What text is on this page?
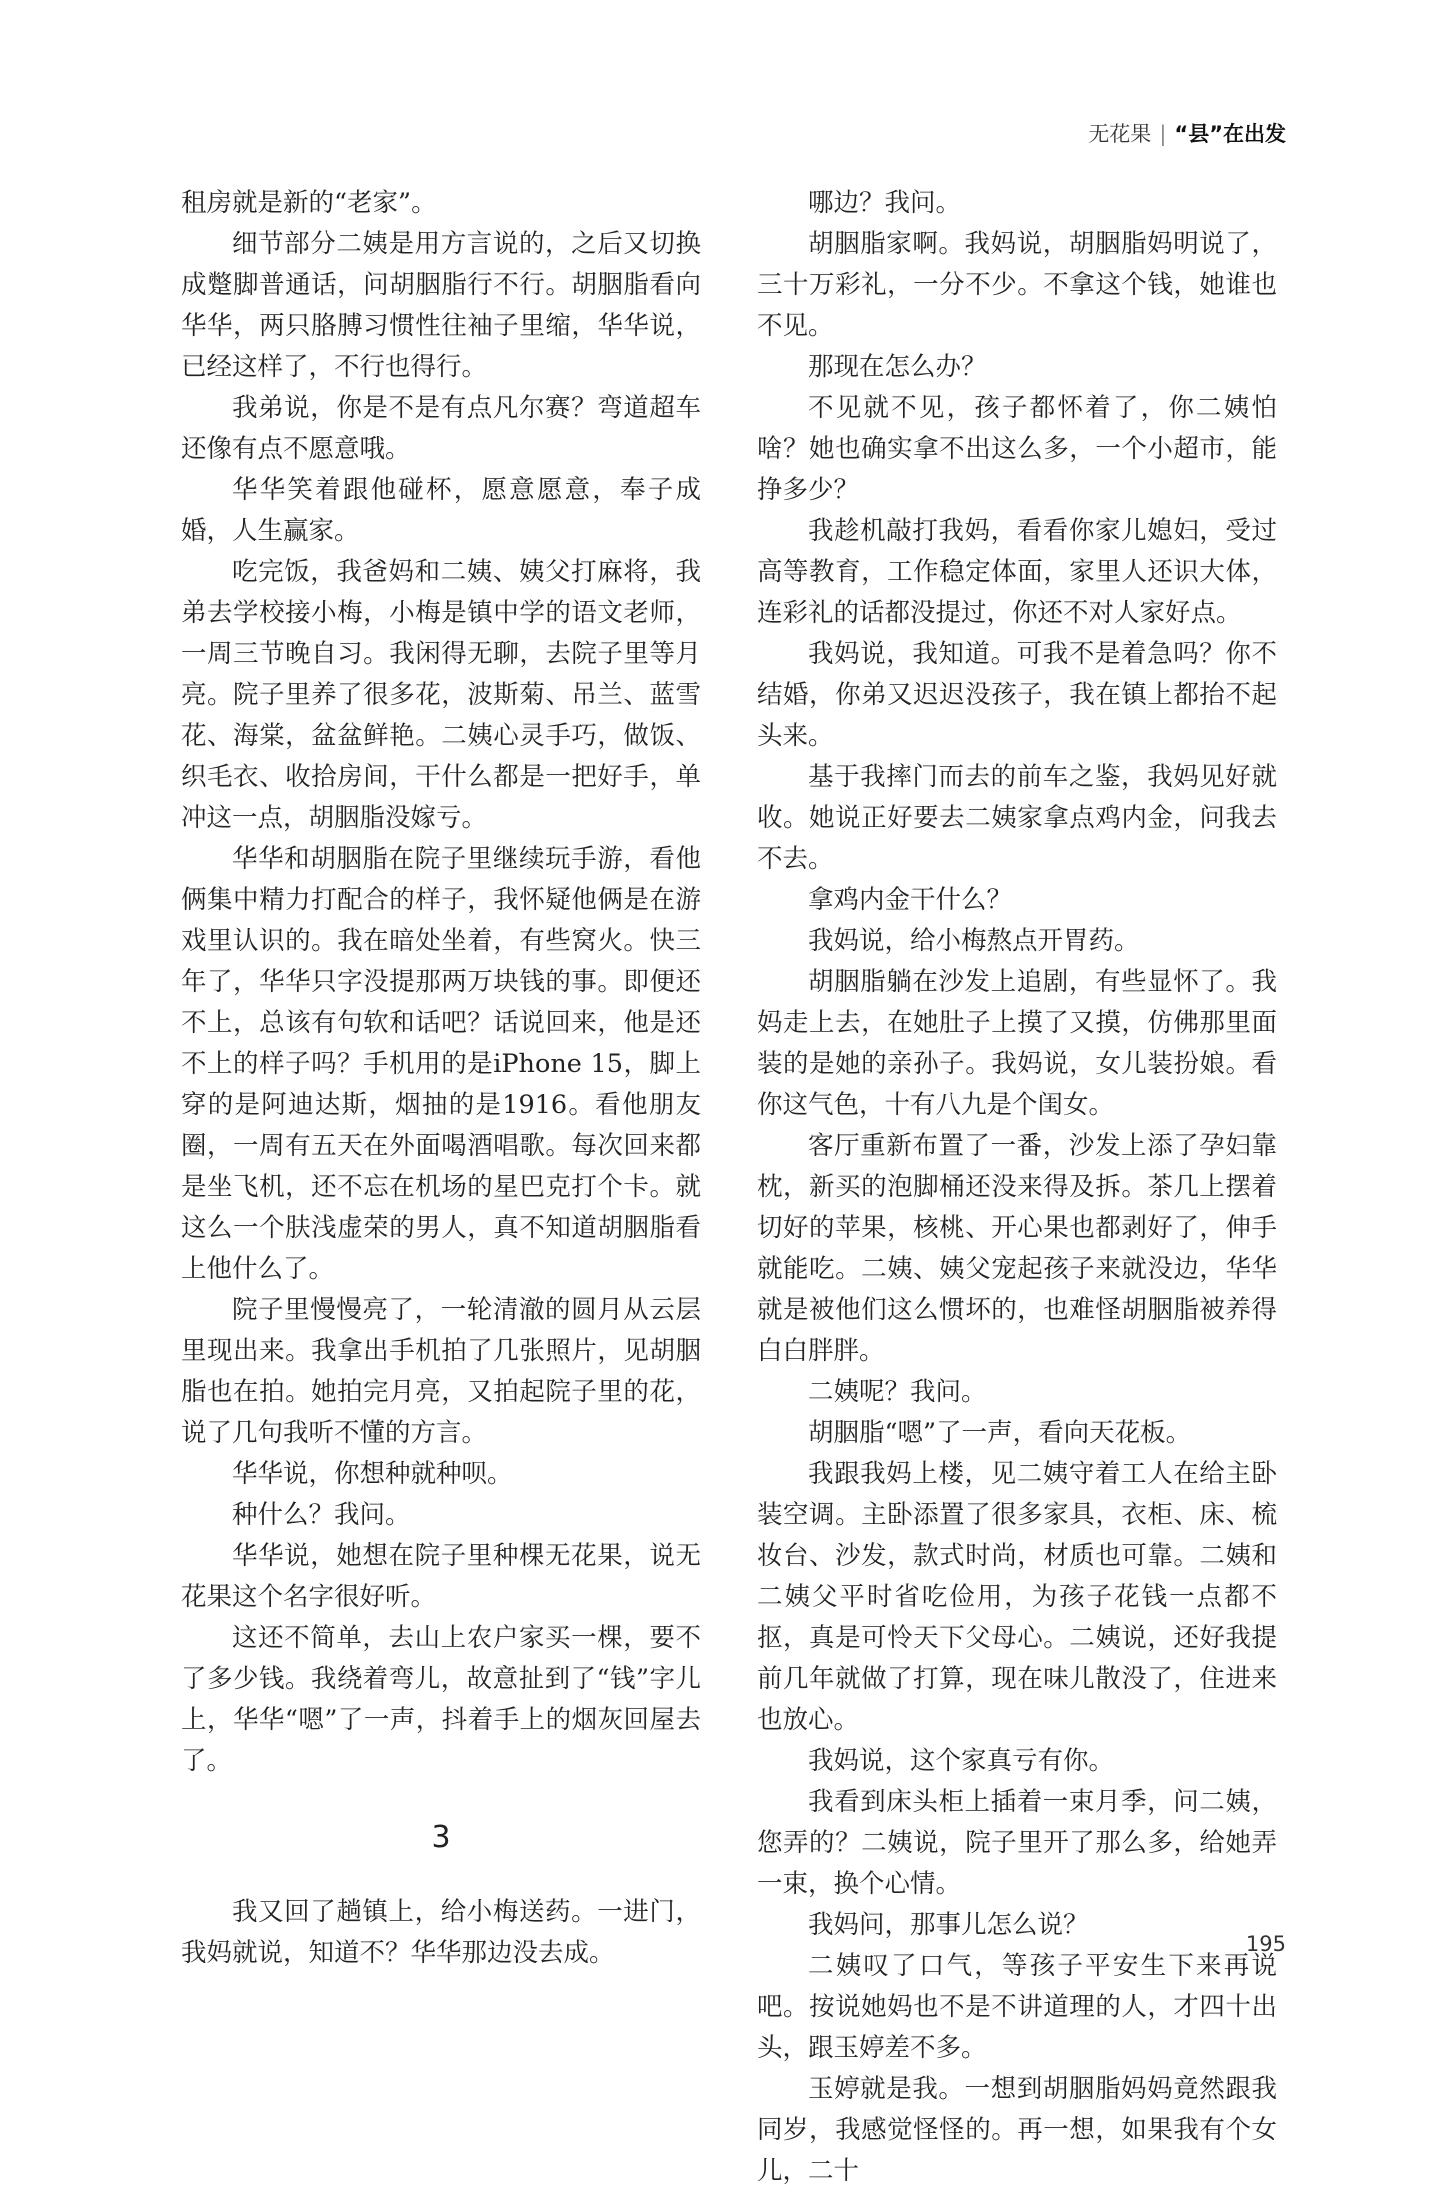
无花果 | “县”在出发

租房就是新的“老家”。

细节部分二姨是用方言说的，之后又切换成蹩脚普通话，问胡胭脂行不行。胡胭脂看向华华，两只胳膊习惯性往袖子里缩，华华说，已经这样了，不行也得行。

我弟说，你是不是有点凡尔赛？弯道超车还像有点不愿意哦。

华华笑着跟他碰杯，愿意愿意，奉子成婚，人生赢家。

吃完饭，我爸妈和二姨、姨父打麻将，我弟去学校接小梅，小梅是镇中学的语文老师，一周三节晚自习。我闲得无聊，去院子里等月亮。院子里养了很多花，波斯菊、吊兰、蓝雪花、海棠，盆盆鲜艳。二姨心灵手巧，做饭、织毛衣、收拾房间，干什么都是一把好手，单冲这一点，胡胭脂没嫁亏。

华华和胡胭脂在院子里继续玩手游，看他俩集中精力打配合的样子，我怀疑他俩是在游戏里认识的。我在暗处坐着，有些窝火。快三年了，华华只字没提那两万块钱的事。即便还不上，总该有句软和话吧？话说回来，他是还不上的样子吗？手机用的是iPhone 15，脚上穿的是阿迪达斯，烟抽的是1916。看他朋友圈，一周有五天在外面喝酒唱歌。每次回来都是坐飞机，还不忘在机场的星巴克打个卡。就这么一个肤浅虚荣的男人，真不知道胡胭脂看上他什么了。

院子里慢慢亮了，一轮清澈的圆月从云层里现出来。我拿出手机拍了几张照片，见胡胭脂也在拍。她拍完月亮，又拍起院子里的花，说了几句我听不懂的方言。

华华说，你想种就种呗。

种什么？我问。

华华说，她想在院子里种棵无花果，说无花果这个名字很好听。

这还不简单，去山上农户家买一棵，要不了多少钱。我绕着弯儿，故意扯到了“钱”字儿上，华华“嗯”了一声，抖着手上的烟灰回屋去了。

3

我又回了趟镇上，给小梅送药。一进门，我妈就说，知道不？华华那边没去成。

哪边？我问。

胡胭脂家啊。我妈说，胡胭脂妈明说了，三十万彩礼，一分不少。不拿这个钱，她谁也不见。

那现在怎么办？

不见就不见，孩子都怀着了，你二姨怕啥？她也确实拿不出这么多，一个小超市，能挣多少？

我趁机敲打我妈，看看你家儿媳妇，受过高等教育，工作稳定体面，家里人还识大体，连彩礼的话都没提过，你还不对人家好点。

我妈说，我知道。可我不是着急吗？你不结婚，你弟又迟迟没孩子，我在镇上都抬不起头来。

基于我摔门而去的前车之鉴，我妈见好就收。她说正好要去二姨家拿点鸡内金，问我去不去。

拿鸡内金干什么？

我妈说，给小梅熬点开胃药。

胡胭脂躺在沙发上追剧，有些显怀了。我妈走上去，在她肚子上摸了又摸，仿佛那里面装的是她的亲孙子。我妈说，女儿装扮娘。看你这气色，十有八九是个闺女。

客厅重新布置了一番，沙发上添了孕妇靠枕，新买的泡脚桶还没来得及拆。茶几上摆着切好的苹果，核桃、开心果也都剥好了，伸手就能吃。二姨、姨父宠起孩子来就没边，华华就是被他们这么惯坏的，也难怪胡胭脂被养得白白胖胖。

二姨呢？我问。

胡胭脂“嗯”了一声，看向天花板。

我跟我妈上楼，见二姨守着工人在给主卧装空调。主卧添置了很多家具，衣柜、床、梳妆台、沙发，款式时尚，材质也可靠。二姨和二姨父平时省吃俭用，为孩子花钱一点都不抠，真是可怜天下父母心。二姨说，还好我提前几年就做了打算，现在味儿散没了，住进来也放心。

我妈说，这个家真亏有你。

我看到床头柜上插着一束月季，问二姨，您弄的？二姨说，院子里开了那么多，给她弄一束，换个心情。

我妈问，那事儿怎么说？

二姨叹了口气，等孩子平安生下来再说吧。按说她妈也不是不讲道理的人，才四十出头，跟玉婷差不多。

玉婷就是我。一想到胡胭脂妈妈竟然跟我同岁，我感觉怪怪的。再一想，如果我有个女儿，二十

195
